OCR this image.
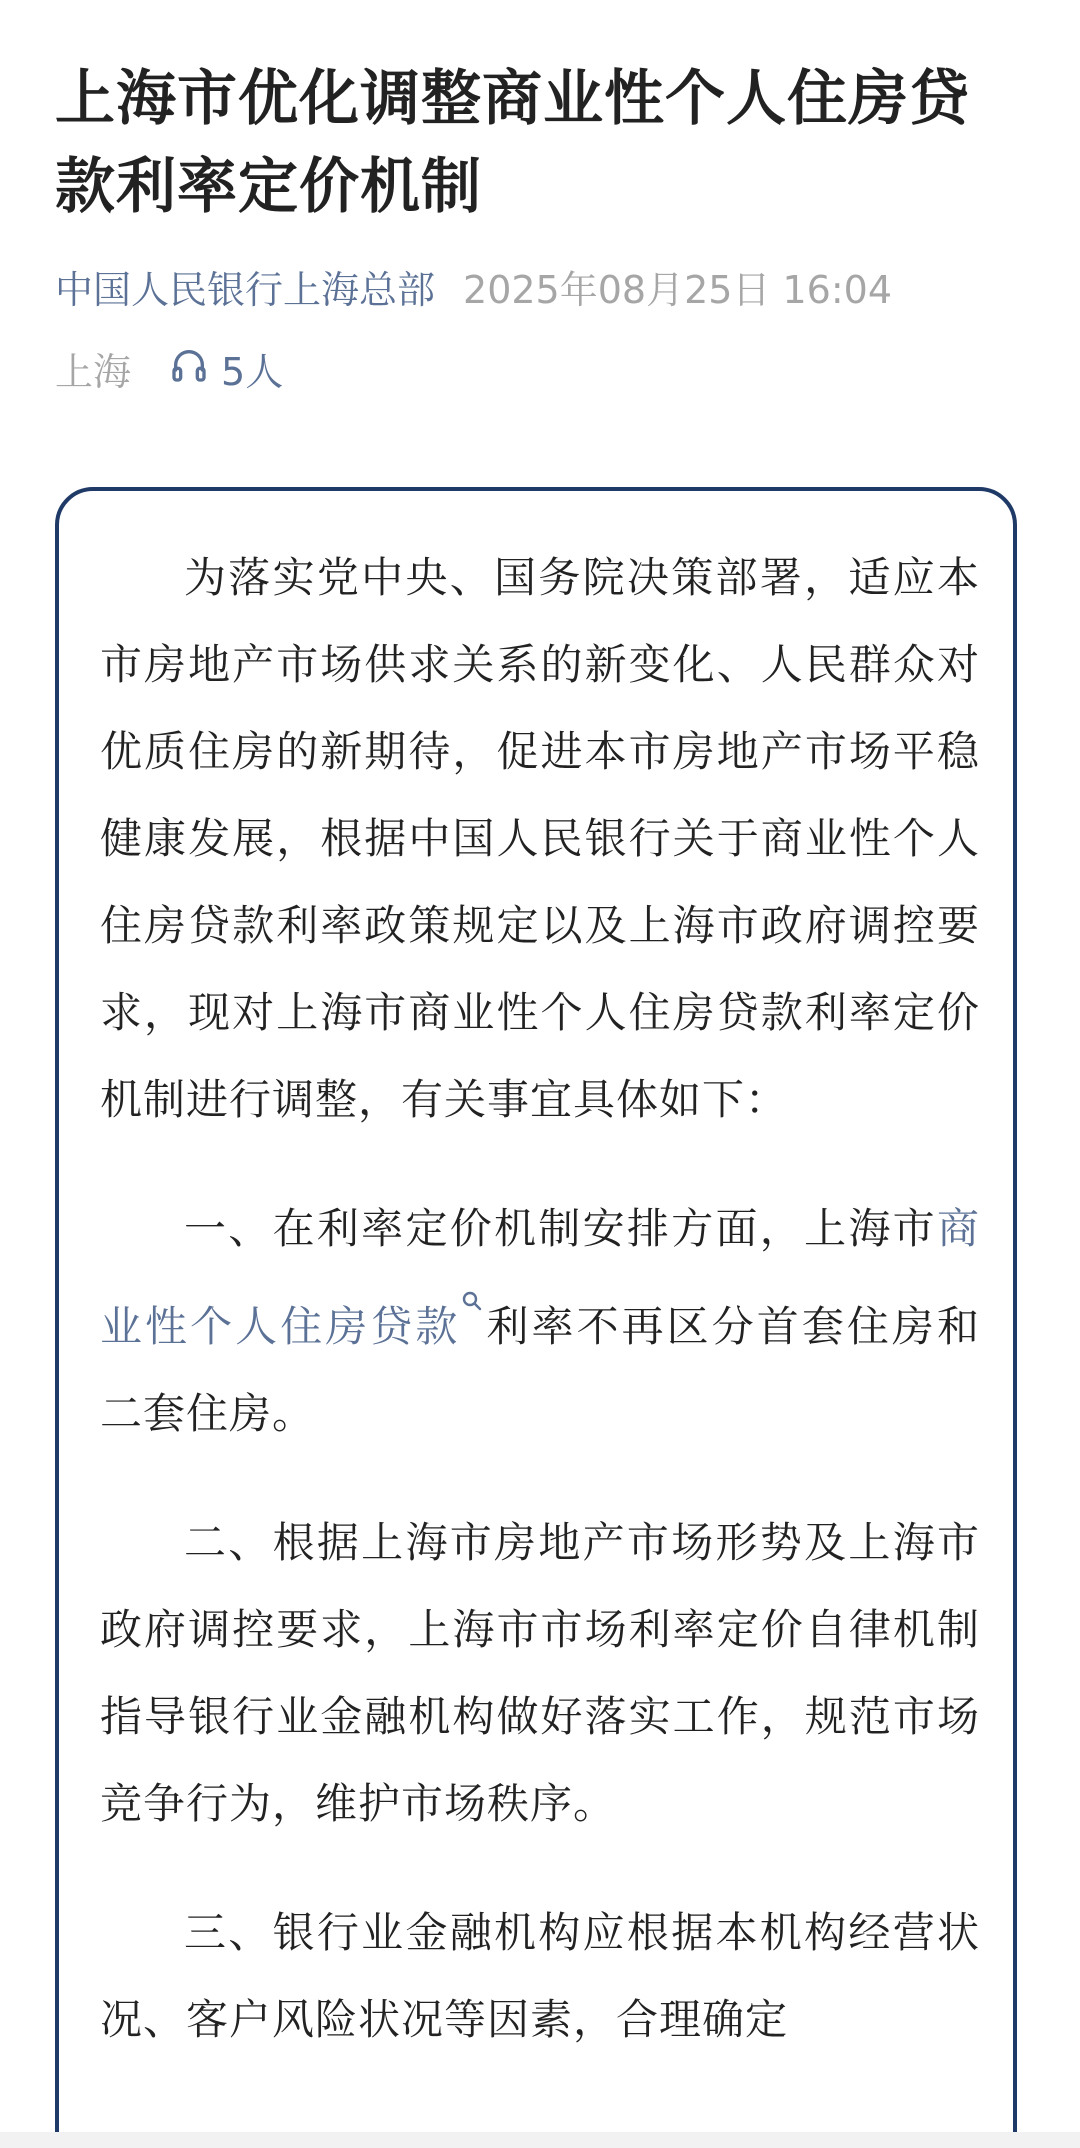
上海市优化调整商业性个人住房贷款利率定价机制
中国人民银行上海总部 2025年08月25日 16:04
上海 5人

为落实党中央、国务院决策部署，适应本市房地产市场供求关系的新变化、人民群众对优质住房的新期待，促进本市房地产市场平稳健康发展，根据中国人民银行关于商业性个人住房贷款利率政策规定以及上海市政府调控要求，现对上海市商业性个人住房贷款利率定价机制进行调整，有关事宜具体如下：

一、在利率定价机制安排方面，上海市商业性个人住房贷款 利率不再区分首套住房和二套住房。

二、根据上海市房地产市场形势及上海市政府调控要求，上海市市场利率定价自律机制指导银行业金融机构做好落实工作，规范市场竞争行为，维护市场秩序。

三、银行业金融机构应根据本机构经营状况、客户风险状况等因素，合理确定
